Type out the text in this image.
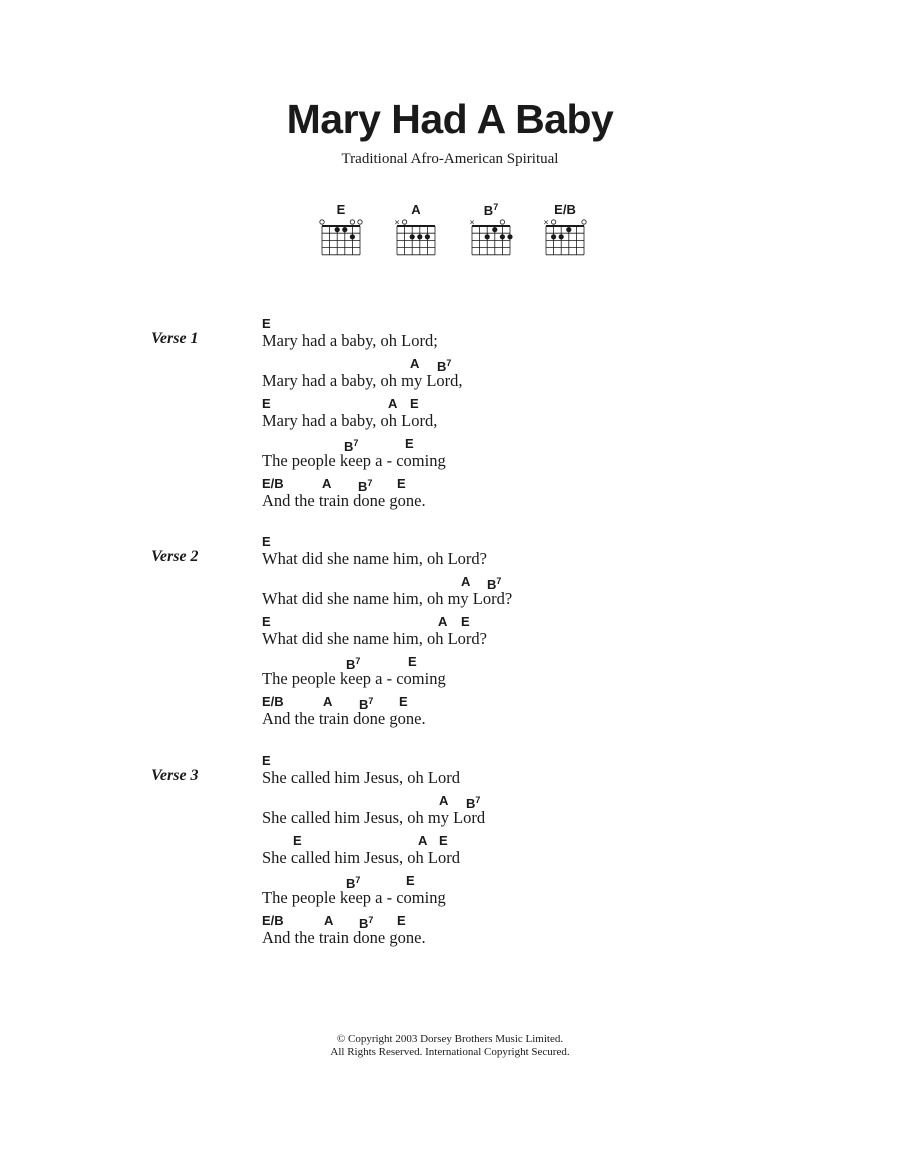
Mary Had A Baby
Traditional Afro-American Spiritual
E	A
×
$B^7$
×
E/B
×
Verse 1
E
Mary had a baby, oh Lord;
A $B^7$
Mary had a baby, oh my Lord,
E	A E
Mary had a baby, oh Lord,
$B^7$	E
The people keep a - coming
E/B	A $B^7$ E
And the train done gone.
Verse 2
E
What did she name him, oh Lord?
A $B^7$
What did she name him, oh my Lord?
E	A E
What did she name him, oh Lord?
$B^7$	E
The people keep a - coming
E/B	A $B^7$ E
And the train done gone.
Verse 3
E
She called him Jesus, oh Lord
A $B^7$
She called him Jesus, oh my Lord
E	A E
She called him Jesus, oh Lord
$B^7$	E
The people keep a - coming
E/B	A $B^7$ E
And the train done gone.
© Copyright 2003 Dorsey Brothers Music Limited.
All Rights Reserved. International Copyright Secured.
